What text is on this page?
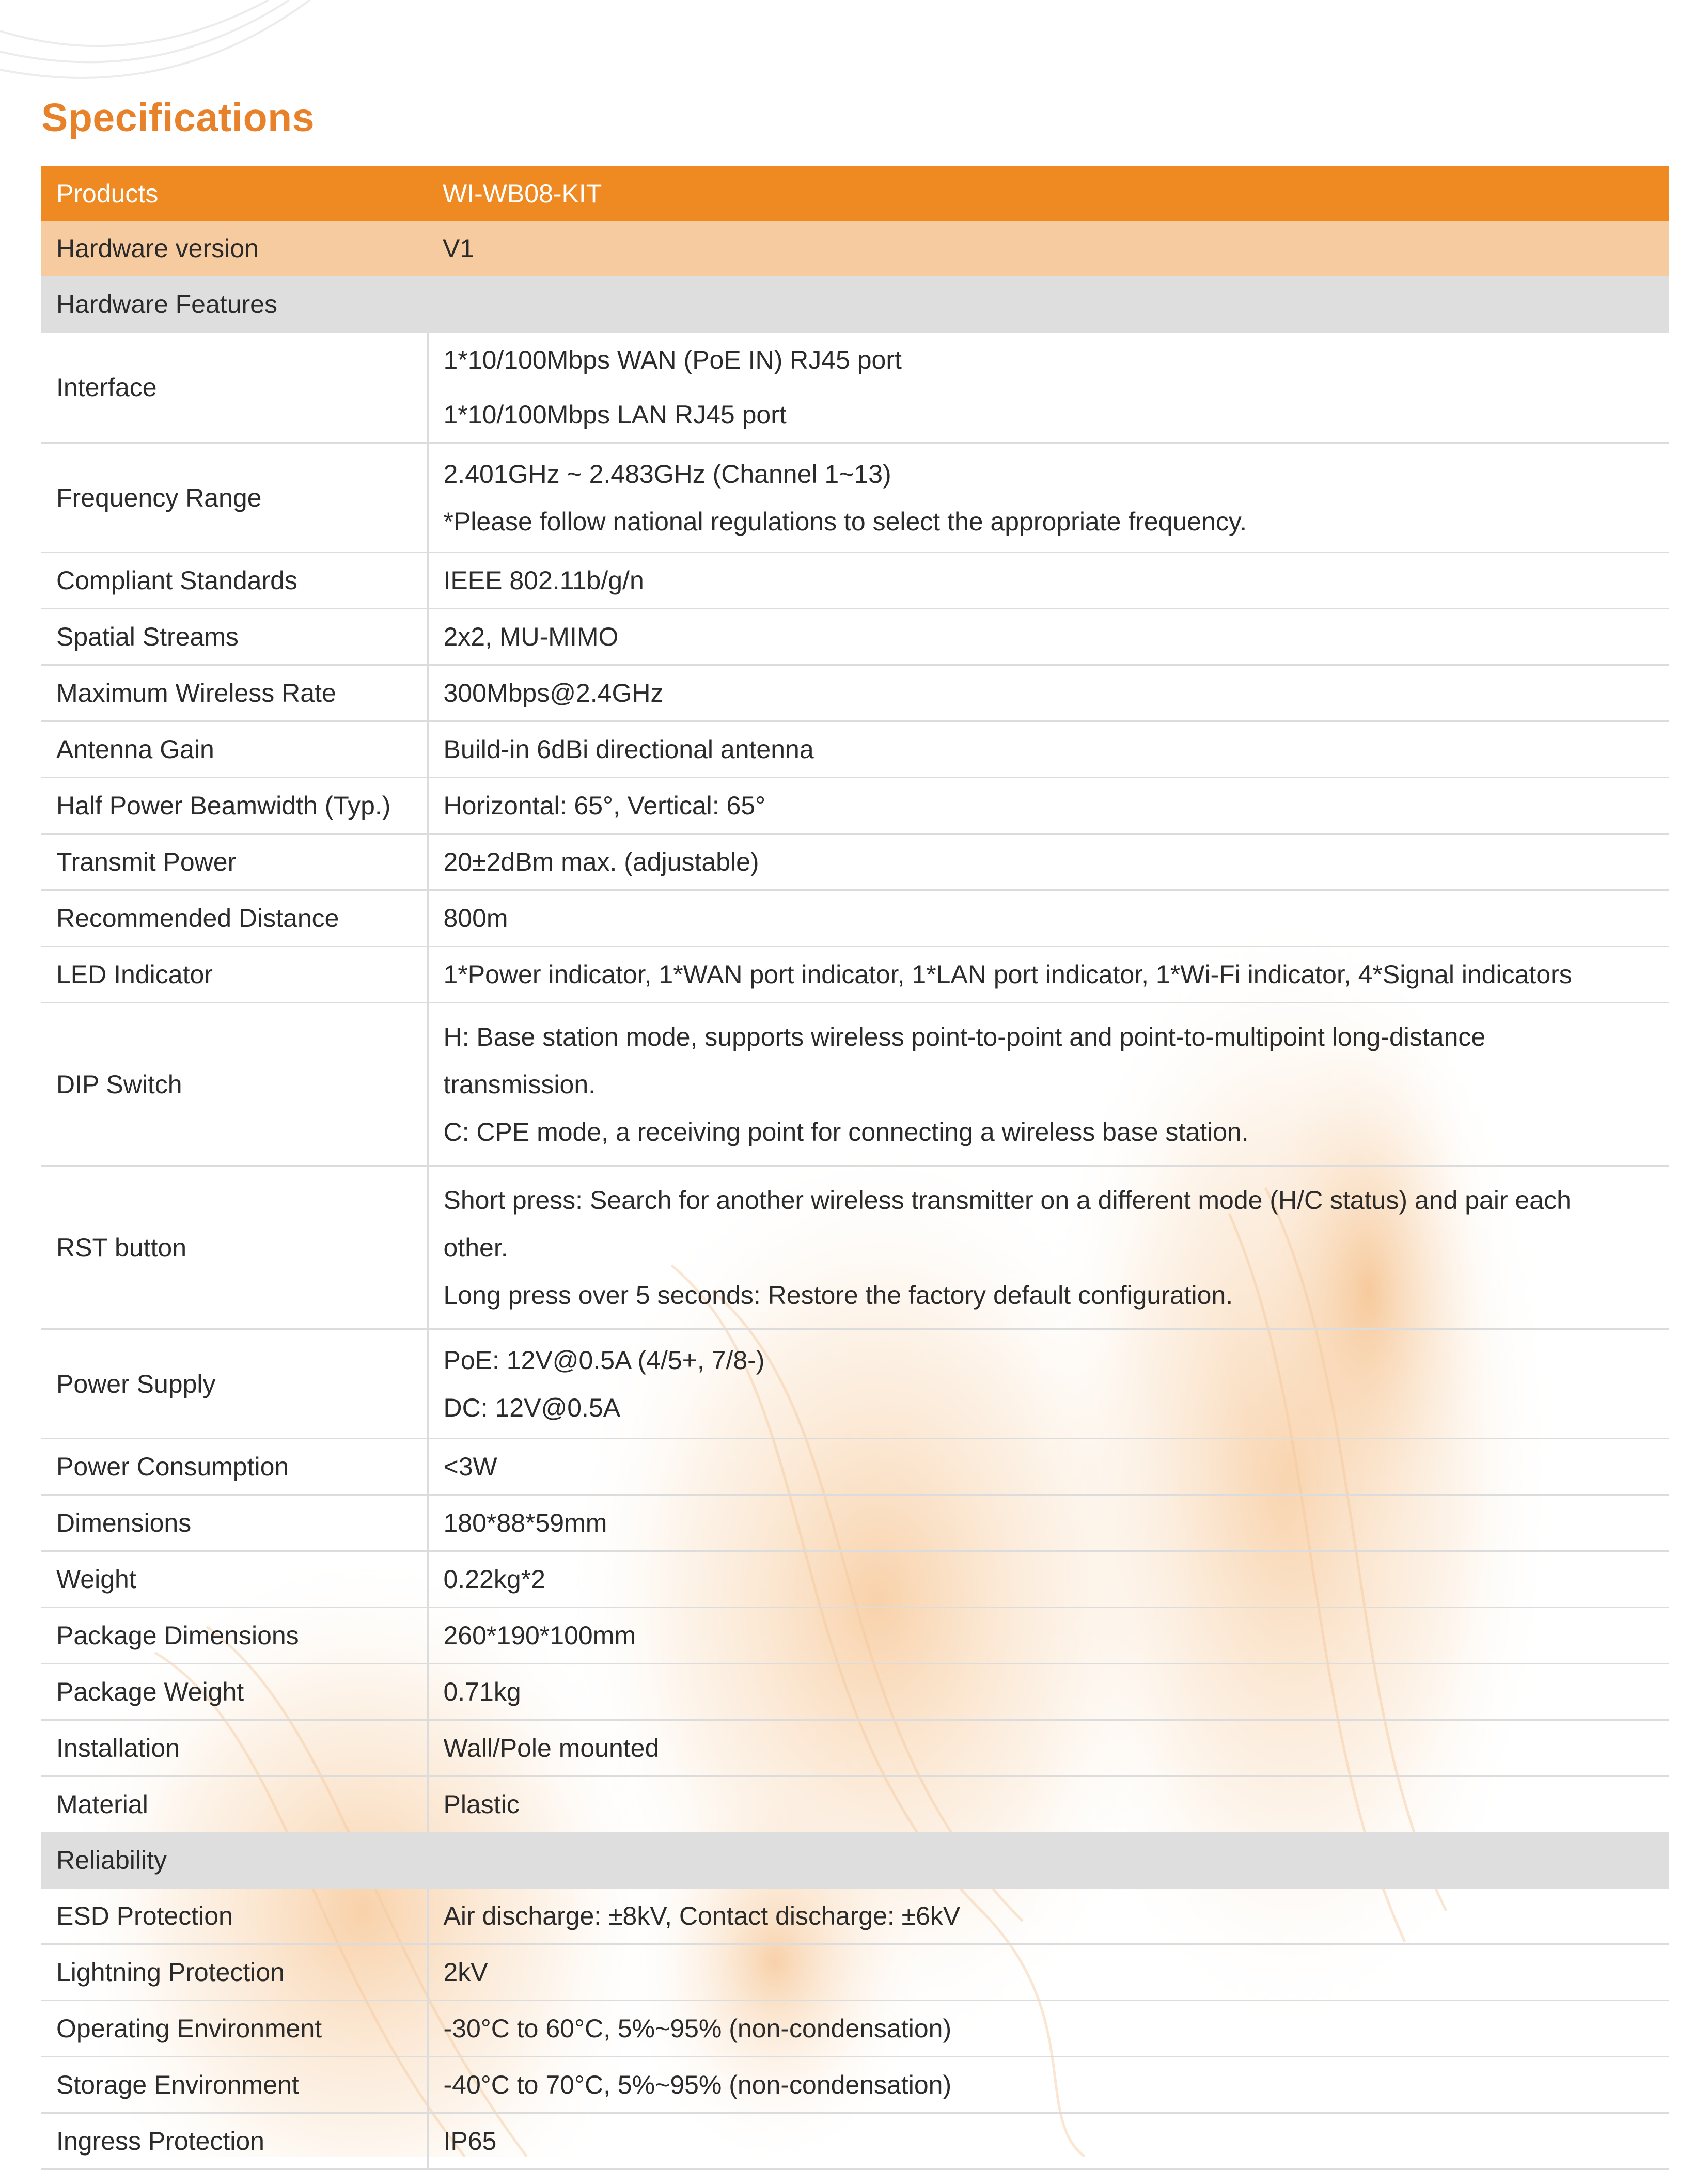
Specifications
Products	WI-WB08-KIT
Hardware version	V1
Hardware Features	
Interface	1*10/100Mbps WAN (PoE IN) RJ45 port
1*10/100Mbps LAN RJ45 port

Frequency Range	2.401GHz ~ 2.483GHz (Channel 1~13)
*Please follow national regulations to select the appropriate frequency.

Compliant Standards	IEEE 802.11b/g/n
Spatial Streams	2x2, MU-MIMO
Maximum Wireless Rate	300Mbps@2.4GHz
Antenna Gain	Build-in 6dBi directional antenna
Half Power Beamwidth (Typ.)	Horizontal: 65°, Vertical: 65°
Transmit Power	20±2dBm max. (adjustable)
Recommended Distance	800m
LED Indicator	1*Power indicator, 1*WAN port indicator, 1*LAN port indicator, 1*Wi-Fi indicator, 4*Signal indicators
DIP Switch	H: Base station mode, supports wireless point-to-point and point-to-multipoint long-distance
transmission.
C: CPE mode, a receiving point for connecting a wireless base station.

RST button	Short press: Search for another wireless transmitter on a different mode (H/C status) and pair each
other.
Long press over 5 seconds: Restore the factory default configuration.

Power Supply	PoE: 12V@0.5A (4/5+, 7/8-)
DC: 12V@0.5A

Power Consumption	<3W
Dimensions	180*88*59mm
Weight	0.22kg*2
Package Dimensions	260*190*100mm
Package Weight	0.71kg
Installation	Wall/Pole mounted
Material	Plastic
Reliability	
ESD Protection	Air discharge: ±8kV, Contact discharge: ±6kV
Lightning Protection	2kV
Operating Environment	-30°C to 60°C, 5%~95% (non-condensation)
Storage Environment	-40°C to 70°C, 5%~95% (non-condensation)
Ingress Protection	IP65
